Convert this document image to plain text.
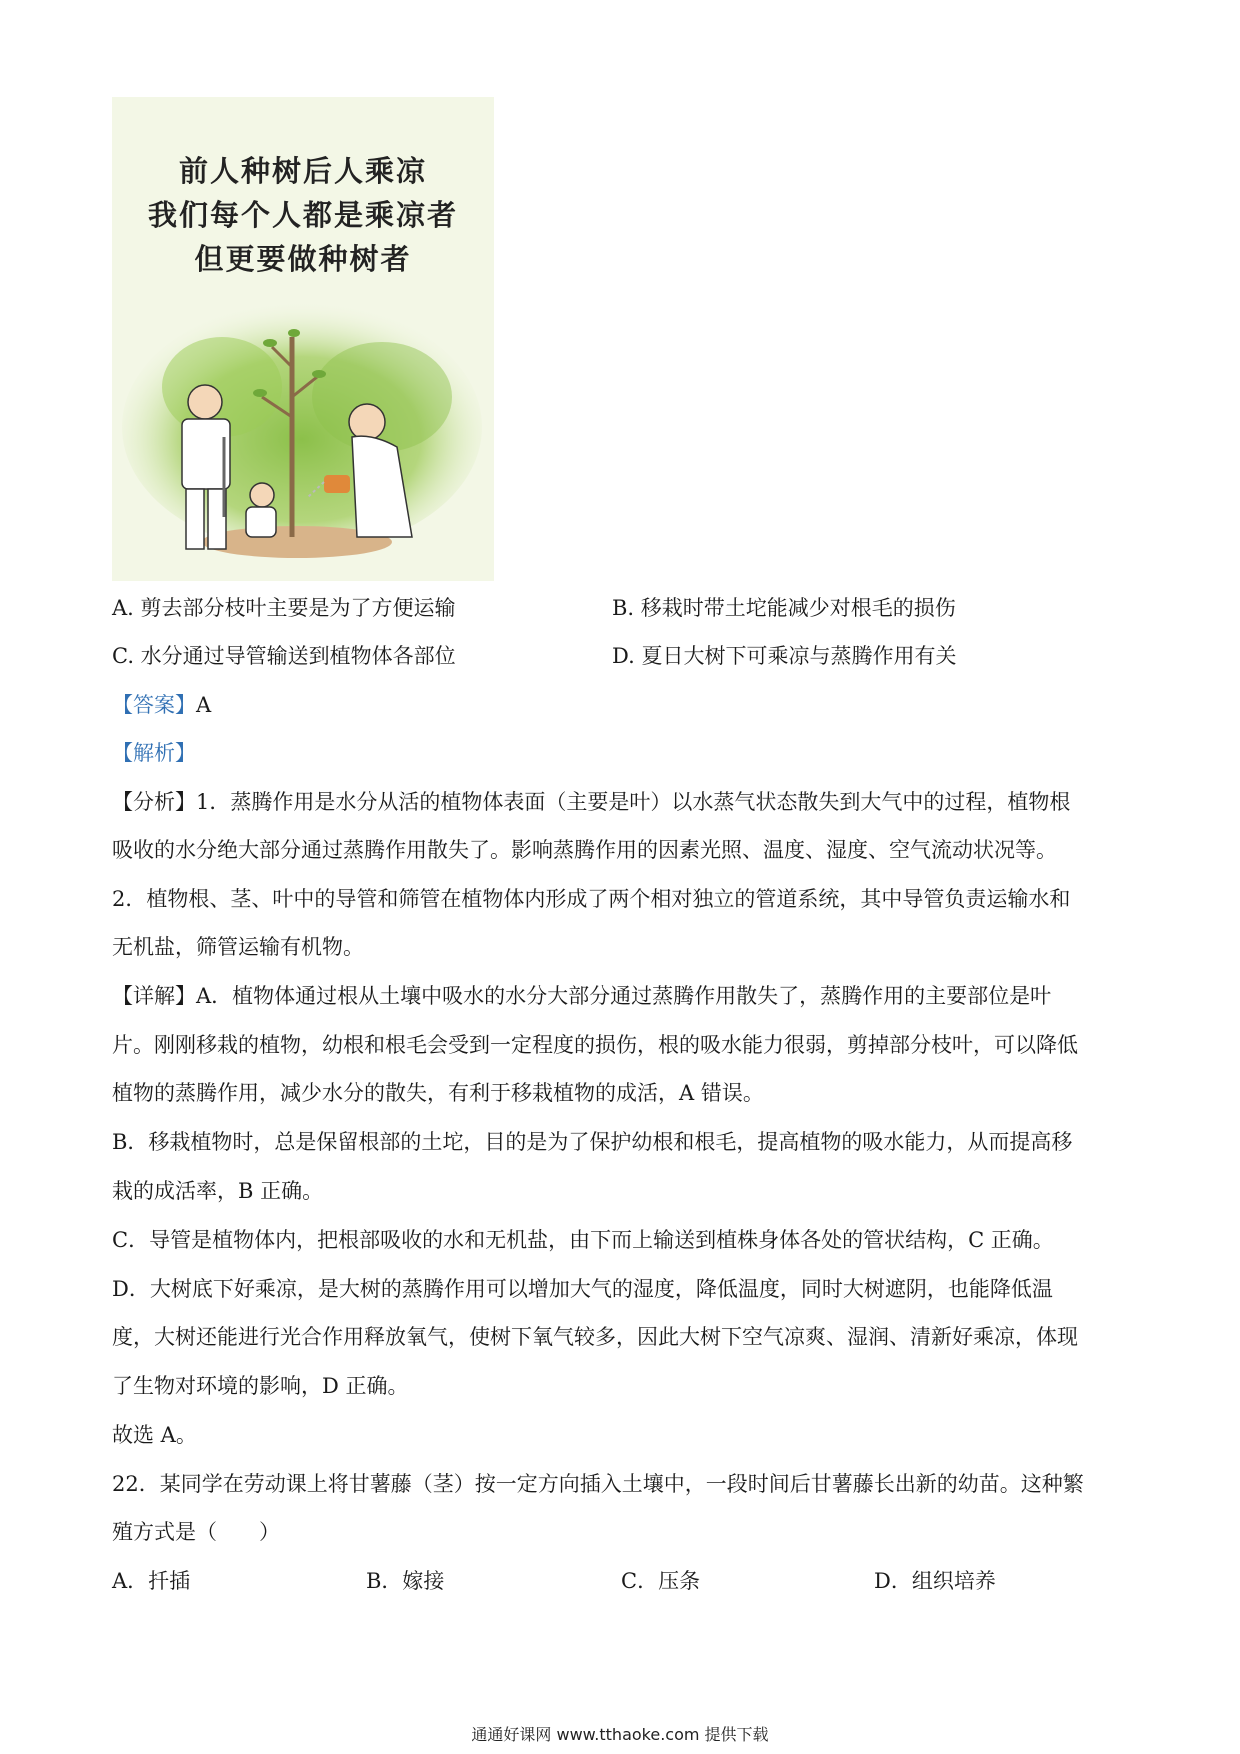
前人种树后人乘凉
我们每个人都是乘凉者
但更要做种树者
A. 剪去部分枝叶主要是为了方便运输	B. 移栽时带土坨能减少对根毛的损伤
C. 水分通过导管输送到植物体各部位	D. 夏日大树下可乘凉与蒸腾作用有关
【答案】A
【解析】
【分析】1．蒸腾作用是水分从活的植物体表面（主要是叶）以水蒸气状态散失到大气中的过程，植物根
吸收的水分绝大部分通过蒸腾作用散失了。影响蒸腾作用的因素光照、温度、湿度、空气流动状况等。
2．植物根、茎、叶中的导管和筛管在植物体内形成了两个相对独立的管道系统，其中导管负责运输水和
无机盐，筛管运输有机物。
【详解】A．植物体通过根从土壤中吸水的水分大部分通过蒸腾作用散失了，蒸腾作用的主要部位是叶
片。刚刚移栽的植物，幼根和根毛会受到一定程度的损伤，根的吸水能力很弱，剪掉部分枝叶，可以降低
植物的蒸腾作用，减少水分的散失，有利于移栽植物的成活，A 错误。
B．移栽植物时，总是保留根部的土坨，目的是为了保护幼根和根毛，提高植物的吸水能力，从而提高移
栽的成活率，B 正确。
C．导管是植物体内，把根部吸收的水和无机盐，由下而上输送到植株身体各处的管状结构，C 正确。
D．大树底下好乘凉，是大树的蒸腾作用可以增加大气的湿度，降低温度，同时大树遮阴，也能降低温
度，大树还能进行光合作用释放氧气，使树下氧气较多，因此大树下空气凉爽、湿润、清新好乘凉，体现
了生物对环境的影响，D 正确。
故选 A。
22．某同学在劳动课上将甘薯藤（茎）按一定方向插入土壤中，一段时间后甘薯藤长出新的幼苗。这种繁
殖方式是（　　）
A．扦插	B．嫁接	C．压条	D．组织培养
通通好课网 www.tthaoke.com 提供下载
